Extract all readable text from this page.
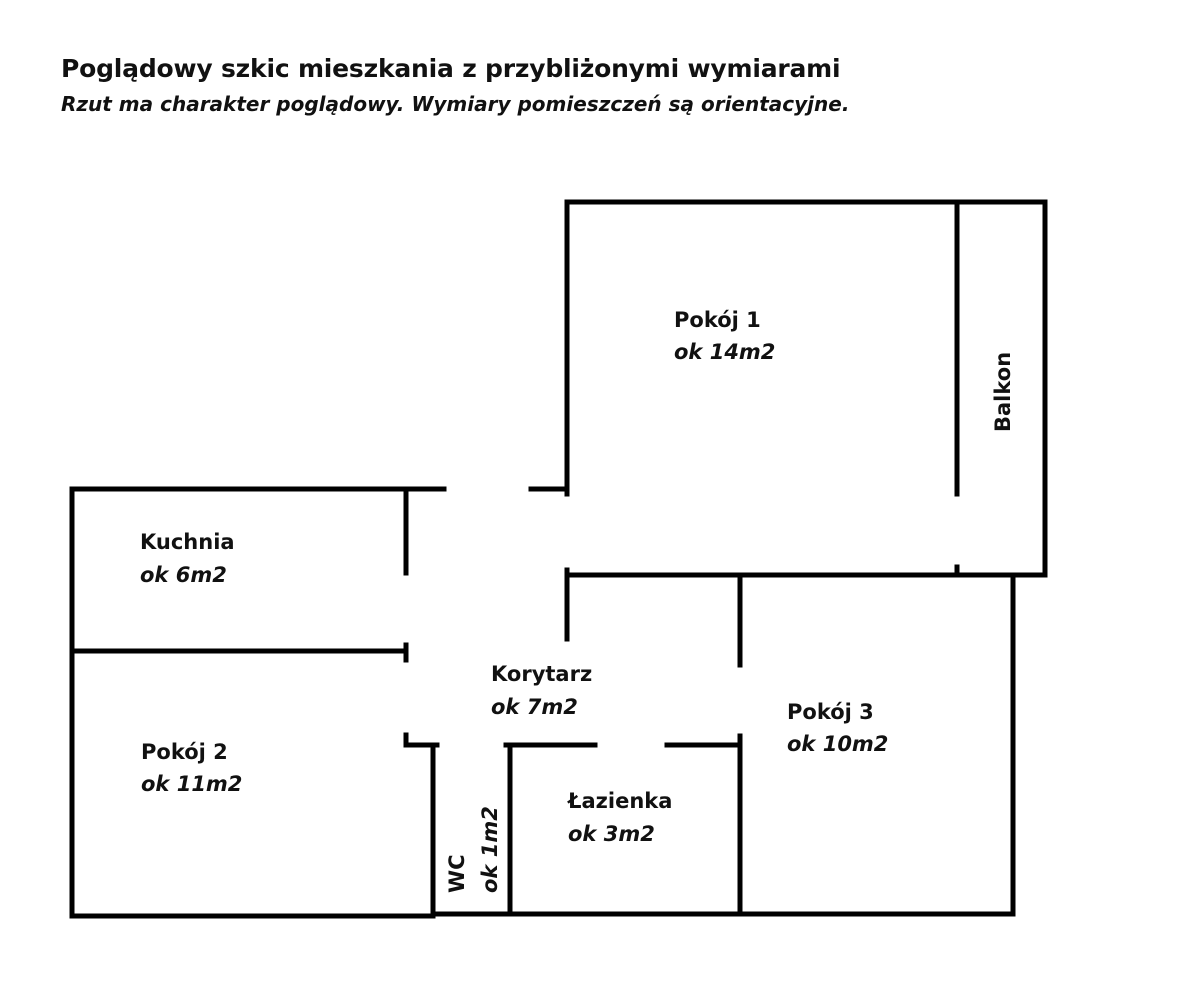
Poglądowy szkic mieszkania z przybliżonymi wymiarami
Rzut ma charakter poglądowy. Wymiary pomieszczeń są orientacyjne.
Pokój 1
ok 14m2	Balkon
Kuchnia
ok 6m2
Korytarz
ok 7m2
Pokój 2
ok 11m2
Pokój 3
ok 10m2
Łazienka
ok 3m2
WC ok 1m2
